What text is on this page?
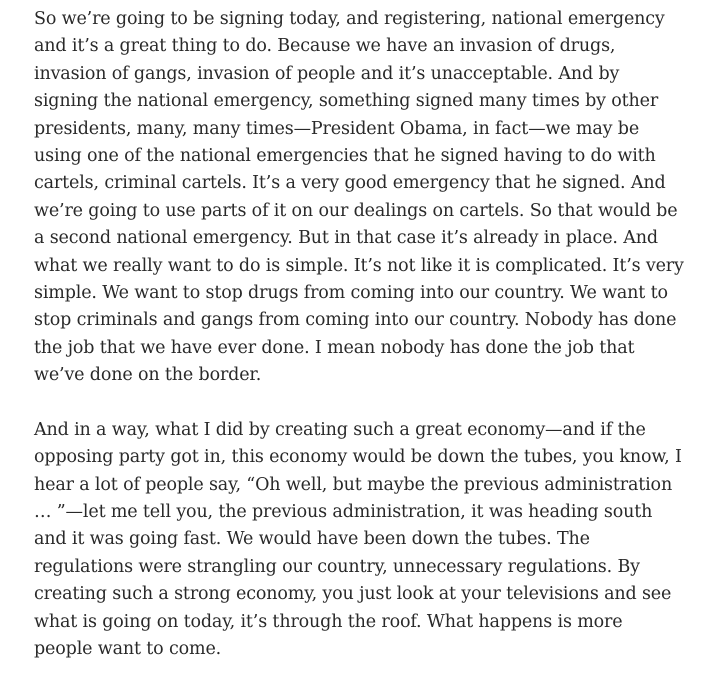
So we’re going to be signing today, and registering, national emergency and it’s a great thing to do. Because we have an invasion of drugs, invasion of gangs, invasion of people and it’s unacceptable. And by signing the national emergency, something signed many times by other presidents, many, many times—President Obama, in fact—we may be using one of the national emergencies that he signed having to do with cartels, criminal cartels. It’s a very good emergency that he signed. And we’re going to use parts of it on our dealings on cartels. So that would be a second national emergency. But in that case it’s already in place. And what we really want to do is simple. It’s not like it is complicated. It’s very simple. We want to stop drugs from coming into our country. We want to stop criminals and gangs from coming into our country. Nobody has done the job that we have ever done. I mean nobody has done the job that we’ve done on the border.

And in a way, what I did by creating such a great economy—and if the opposing party got in, this economy would be down the tubes, you know, I hear a lot of people say, “Oh well, but maybe the previous administration … ”—let me tell you, the previous administration, it was heading south and it was going fast. We would have been down the tubes. The regulations were strangling our country, unnecessary regulations. By creating such a strong economy, you just look at your televisions and see what is going on today, it’s through the roof. What happens is more people want to come.
